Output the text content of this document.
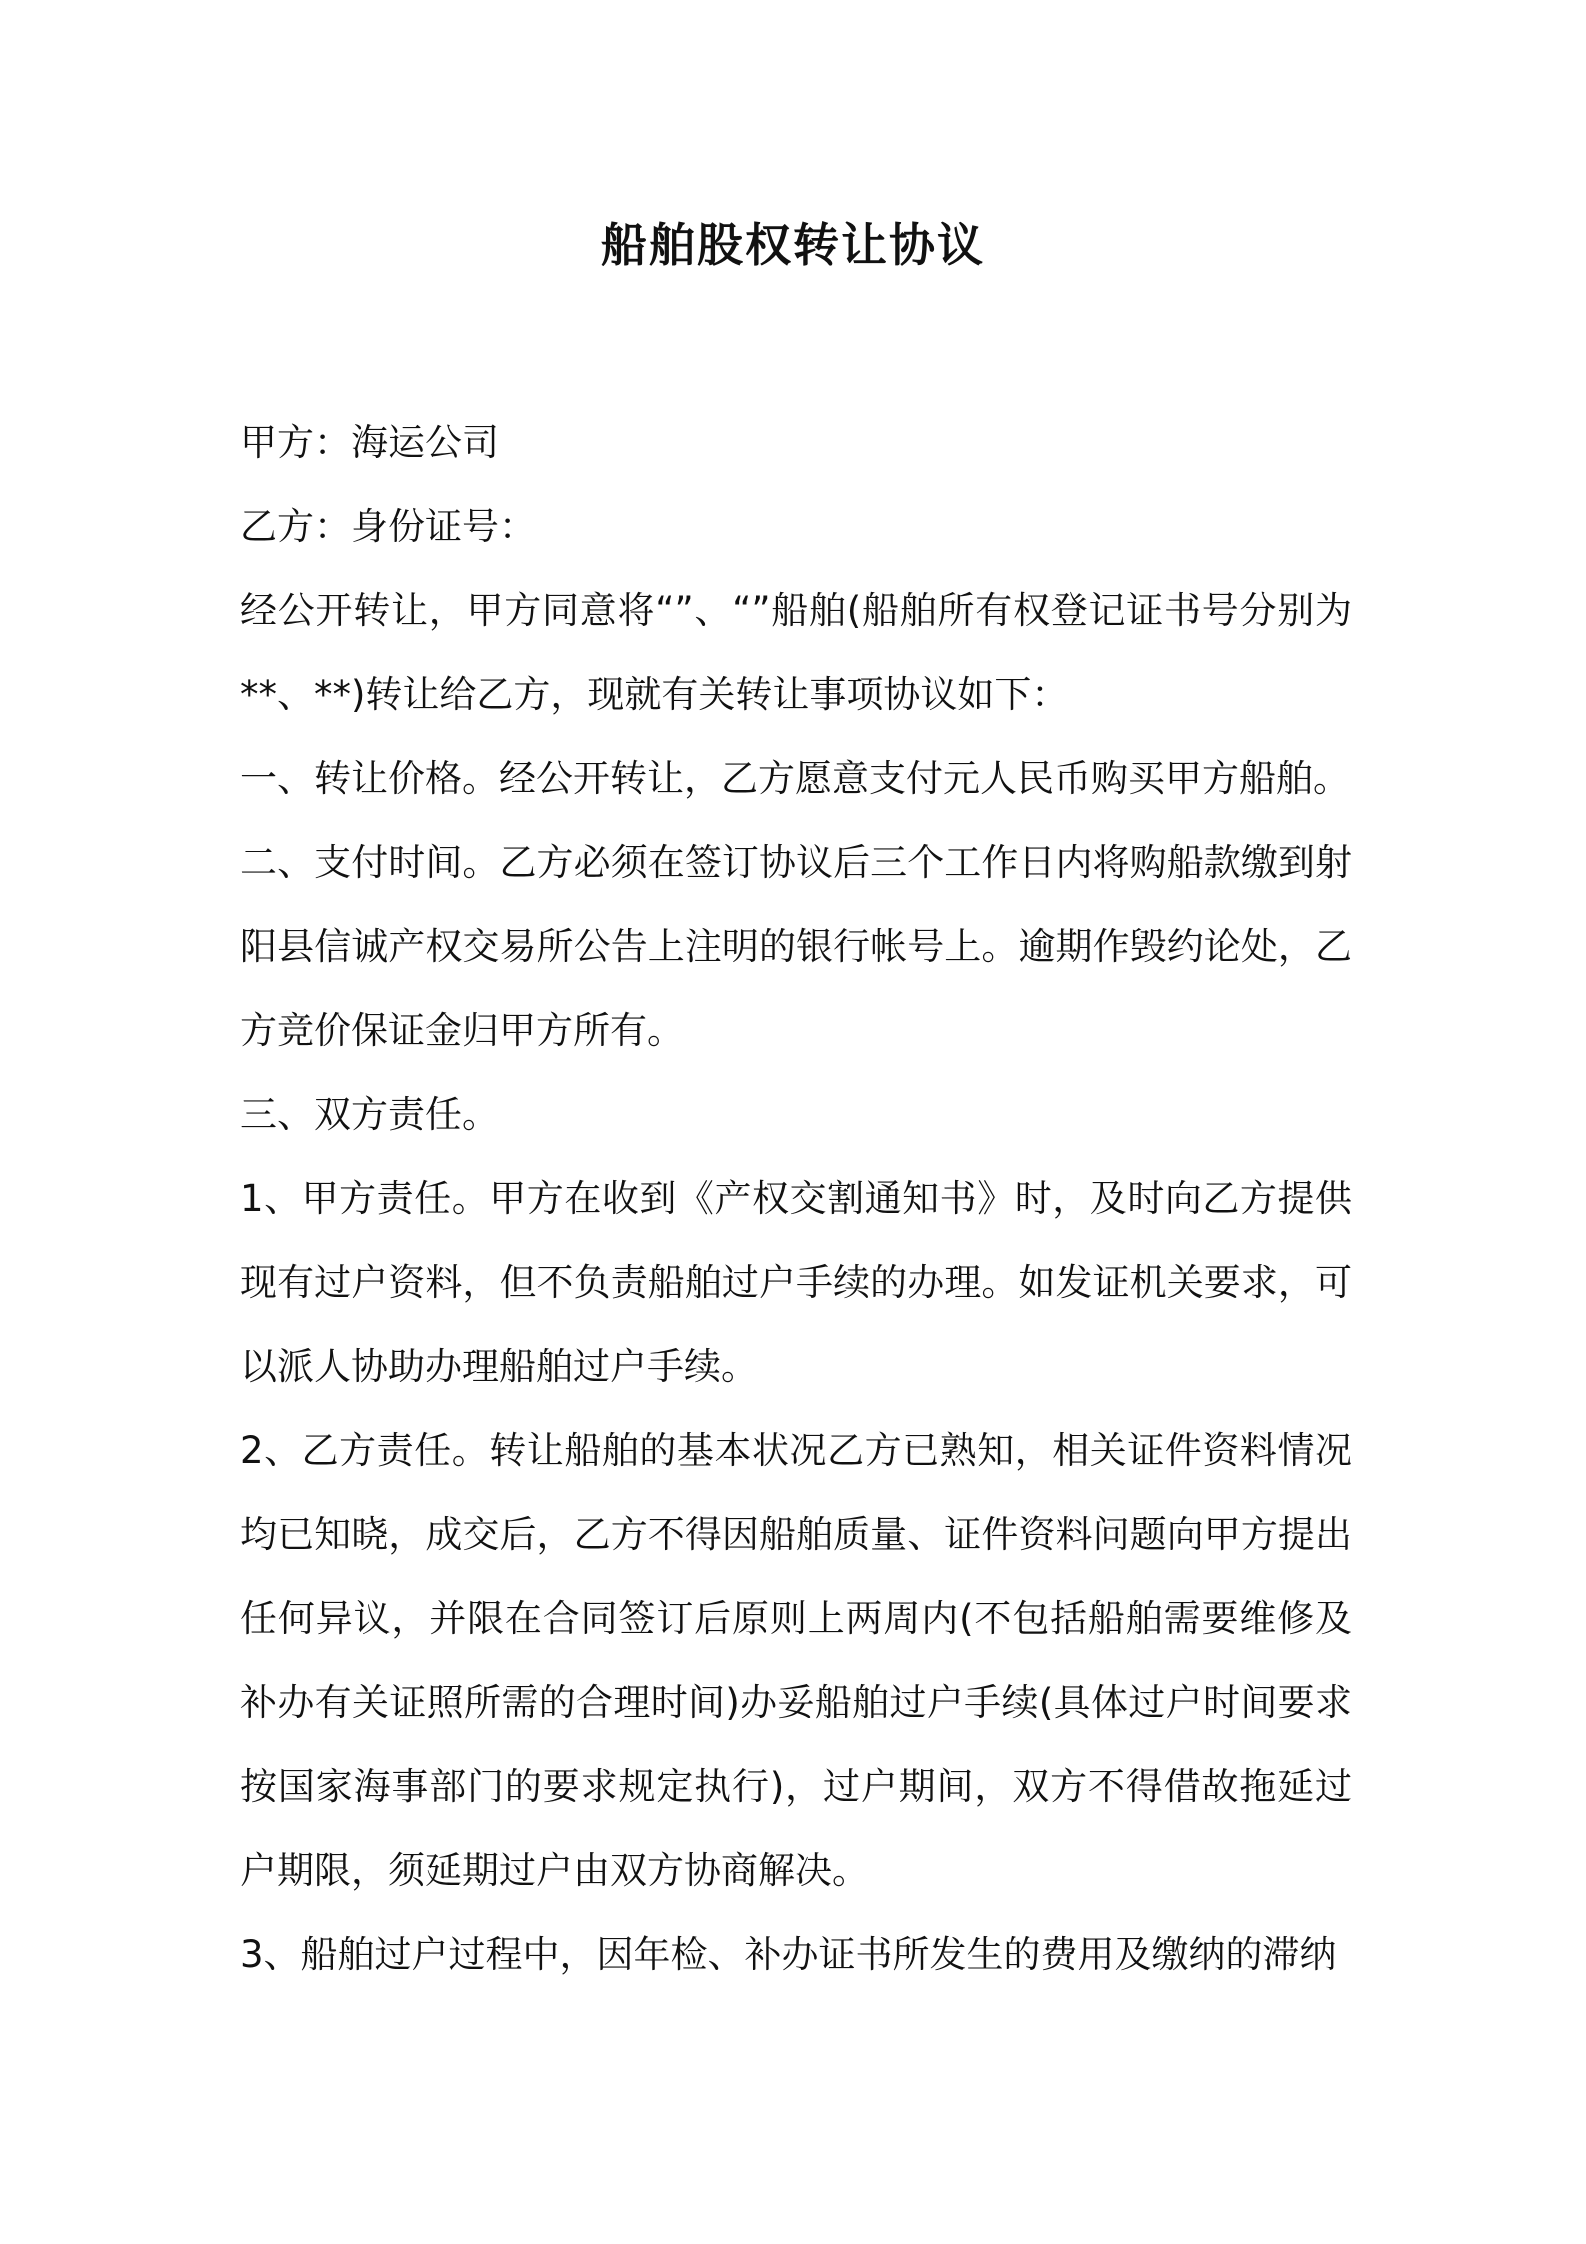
船舶股权转让协议

甲方：海运公司

乙方：身份证号：

经公开转让，甲方同意将“”、“”船舶(船舶所有权登记证书号分别为**、**)转让给乙方，现就有关转让事项协议如下：

一、转让价格。经公开转让，乙方愿意支付元人民币购买甲方船舶。

二、支付时间。乙方必须在签订协议后三个工作日内将购船款缴到射阳县信诚产权交易所公告上注明的银行帐号上。逾期作毁约论处，乙方竞价保证金归甲方所有。

三、双方责任。

1、甲方责任。甲方在收到《产权交割通知书》时，及时向乙方提供现有过户资料，但不负责船舶过户手续的办理。如发证机关要求，可以派人协助办理船舶过户手续。

2、乙方责任。转让船舶的基本状况乙方已熟知，相关证件资料情况均已知晓，成交后，乙方不得因船舶质量、证件资料问题向甲方提出任何异议，并限在合同签订后原则上两周内(不包括船舶需要维修及补办有关证照所需的合理时间)办妥船舶过户手续(具体过户时间要求按国家海事部门的要求规定执行)，过户期间，双方不得借故拖延过户期限，须延期过户由双方协商解决。

3、船舶过户过程中，因年检、补办证书所发生的费用及缴纳的滞纳
